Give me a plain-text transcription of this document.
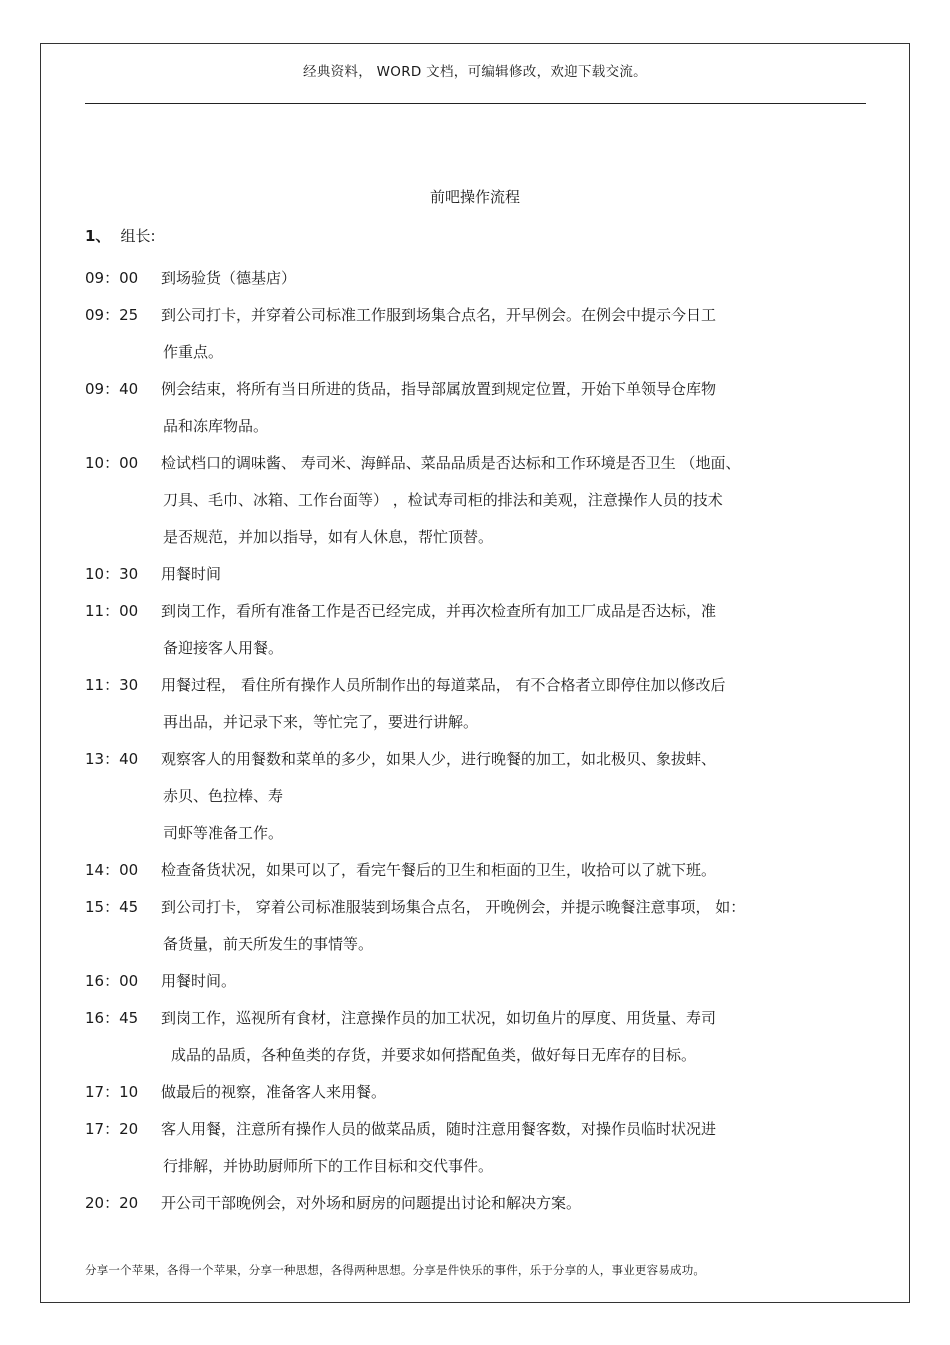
经典资料， WORD 文档，可编辑修改，欢迎下载交流。
前吧操作流程
1、 组长:
09：00 到场验货（德基店）
09：25 到公司打卡，并穿着公司标准工作服到场集合点名，开早例会。在例会中提示今日工
作重点。
09：40 例会结束，将所有当日所进的货品，指导部属放置到规定位置，开始下单领导仓库物
品和冻库物品。
10：00 检试档口的调味酱、 寿司米、海鲜品、菜品品质是否达标和工作环境是否卫生 （地面、
刀具、毛巾、冰箱、工作台面等） ，检试寿司柜的排法和美观，注意操作人员的技术
是否规范，并加以指导，如有人休息，帮忙顶替。
10：30 用餐时间
11：00 到岗工作，看所有准备工作是否已经完成，并再次检查所有加工厂成品是否达标，准
备迎接客人用餐。
11：30 用餐过程， 看住所有操作人员所制作出的每道菜品， 有不合格者立即停住加以修改后
再出品，并记录下来，等忙完了，要进行讲解。
13：40 观察客人的用餐数和菜单的多少，如果人少，进行晚餐的加工，如北极贝、象拔蚌、
赤贝、色拉棒、寿
司虾等准备工作。
14：00 检查备货状况，如果可以了，看完午餐后的卫生和柜面的卫生，收拾可以了就下班。
15：45 到公司打卡， 穿着公司标准服装到场集合点名， 开晚例会，并提示晚餐注意事项， 如：
备货量，前天所发生的事情等。
16：00 用餐时间。
16：45 到岗工作，巡视所有食材，注意操作员的加工状况，如切鱼片的厚度、用货量、寿司
成品的品质，各种鱼类的存货，并要求如何搭配鱼类，做好每日无库存的目标。
17：10 做最后的视察，准备客人来用餐。
17：20 客人用餐，注意所有操作人员的做菜品质，随时注意用餐客数，对操作员临时状况进
行排解，并协助厨师所下的工作目标和交代事件。
20：20 开公司干部晚例会，对外场和厨房的问题提出讨论和解决方案。
分享一个苹果，各得一个苹果，分享一种思想，各得两种思想。分享是件快乐的事件，乐于分享的人，事业更容易成功。
